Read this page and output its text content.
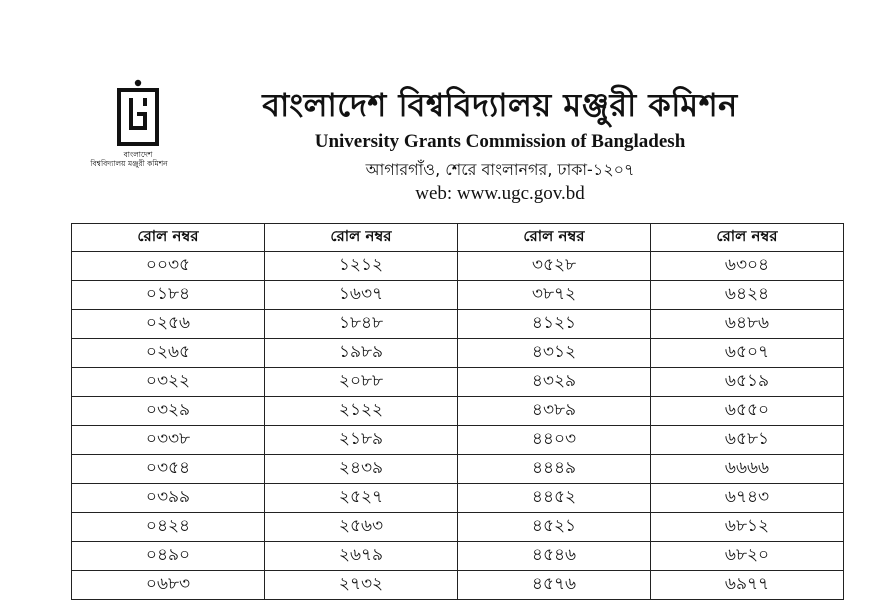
বাংলাদেশ
বিশ্ববিদ্যালয় মঞ্জুরী কমিশন
বাংলাদেশ বিশ্ববিদ্যালয় মঞ্জুরী কমিশন
University Grants Commission of Bangladesh
আগারগাঁও, শেরে বাংলানগর, ঢাকা-১২০৭
web: www.ugc.gov.bd
রোল নম্বর	রোল নম্বর	রোল নম্বর	রোল নম্বর
০০৩৫	১২১২	৩৫২৮	৬৩০৪
০১৮৪	১৬৩৭	৩৮৭২	৬৪২৪
০২৫৬	১৮৪৮	৪১২১	৬৪৮৬
০২৬৫	১৯৮৯	৪৩১২	৬৫০৭
০৩২২	২০৮৮	৪৩২৯	৬৫১৯
০৩২৯	২১২২	৪৩৮৯	৬৫৫০
০৩৩৮	২১৮৯	৪৪০৩	৬৫৮১
০৩৫৪	২৪৩৯	৪৪৪৯	৬৬৬৬
০৩৯৯	২৫২৭	৪৪৫২	৬৭৪৩
০৪২৪	২৫৬৩	৪৫২১	৬৮১২
০৪৯০	২৬৭৯	৪৫৪৬	৬৮২০
০৬৮৩	২৭৩২	৪৫৭৬	৬৯৭৭
